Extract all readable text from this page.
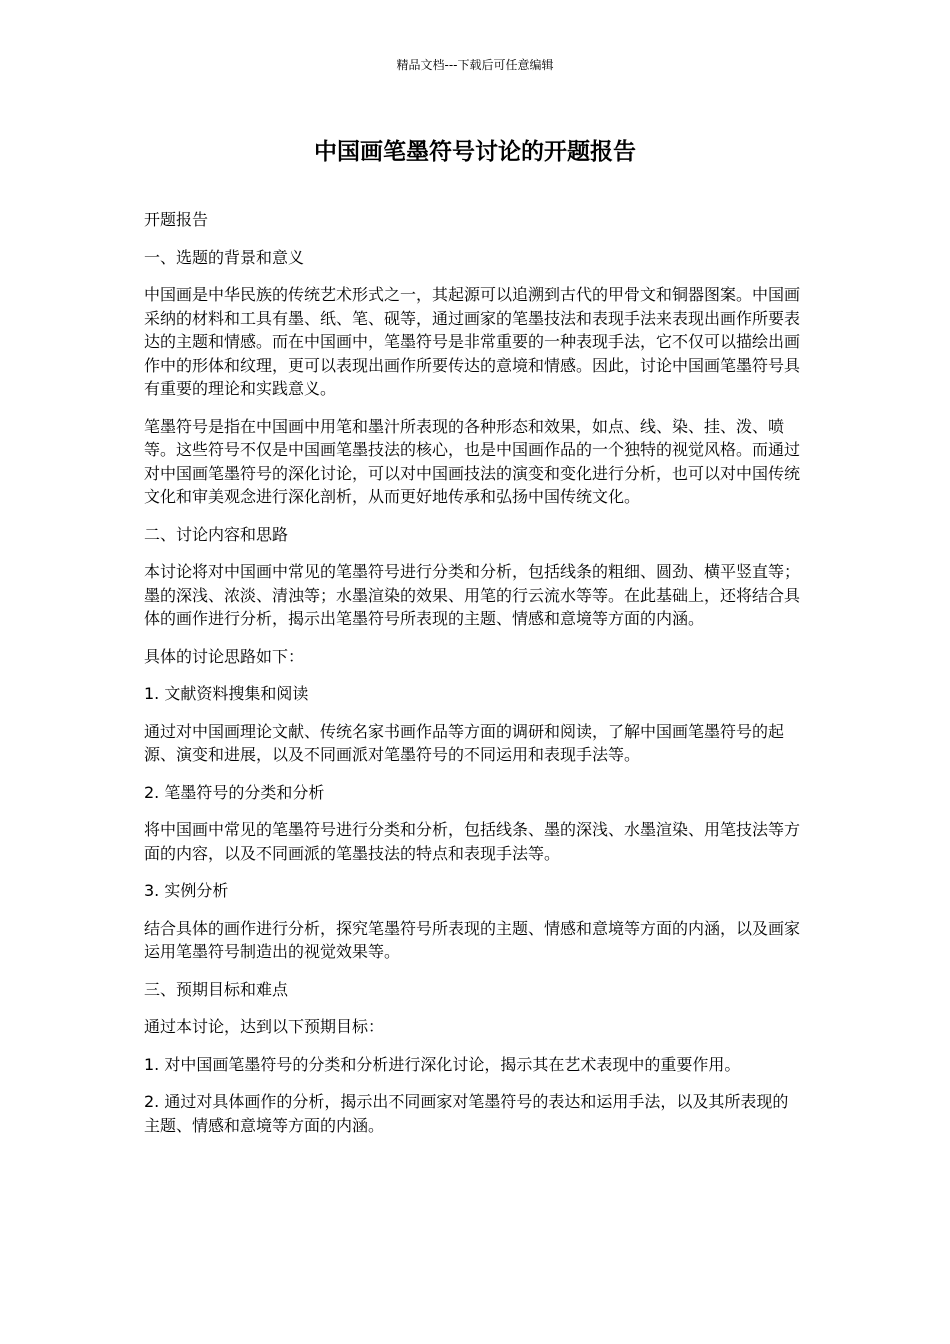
精品文档---下载后可任意编辑
中国画笔墨符号讨论的开题报告

开题报告

一、选题的背景和意义

中国画是中华民族的传统艺术形式之一，其起源可以追溯到古代的甲骨文和铜器图案。中国画采纳的材料和工具有墨、纸、笔、砚等，通过画家的笔墨技法和表现手法来表现出画作所要表达的主题和情感。而在中国画中，笔墨符号是非常重要的一种表现手法，它不仅可以描绘出画作中的形体和纹理，更可以表现出画作所要传达的意境和情感。因此，讨论中国画笔墨符号具有重要的理论和实践意义。

笔墨符号是指在中国画中用笔和墨汁所表现的各种形态和效果，如点、线、染、挂、泼、喷等。这些符号不仅是中国画笔墨技法的核心，也是中国画作品的一个独特的视觉风格。而通过对中国画笔墨符号的深化讨论，可以对中国画技法的演变和变化进行分析，也可以对中国传统文化和审美观念进行深化剖析，从而更好地传承和弘扬中国传统文化。

二、讨论内容和思路

本讨论将对中国画中常见的笔墨符号进行分类和分析，包括线条的粗细、圆劲、横平竖直等；墨的深浅、浓淡、清浊等；水墨渲染的效果、用笔的行云流水等等。在此基础上，还将结合具体的画作进行分析，揭示出笔墨符号所表现的主题、情感和意境等方面的内涵。

具体的讨论思路如下：

1. 文献资料搜集和阅读

通过对中国画理论文献、传统名家书画作品等方面的调研和阅读，了解中国画笔墨符号的起源、演变和进展，以及不同画派对笔墨符号的不同运用和表现手法等。

2. 笔墨符号的分类和分析

将中国画中常见的笔墨符号进行分类和分析，包括线条、墨的深浅、水墨渲染、用笔技法等方面的内容，以及不同画派的笔墨技法的特点和表现手法等。

3. 实例分析

结合具体的画作进行分析，探究笔墨符号所表现的主题、情感和意境等方面的内涵，以及画家运用笔墨符号制造出的视觉效果等。

三、预期目标和难点

通过本讨论，达到以下预期目标：

1. 对中国画笔墨符号的分类和分析进行深化讨论，揭示其在艺术表现中的重要作用。

2. 通过对具体画作的分析，揭示出不同画家对笔墨符号的表达和运用手法，以及其所表现的主题、情感和意境等方面的内涵。
